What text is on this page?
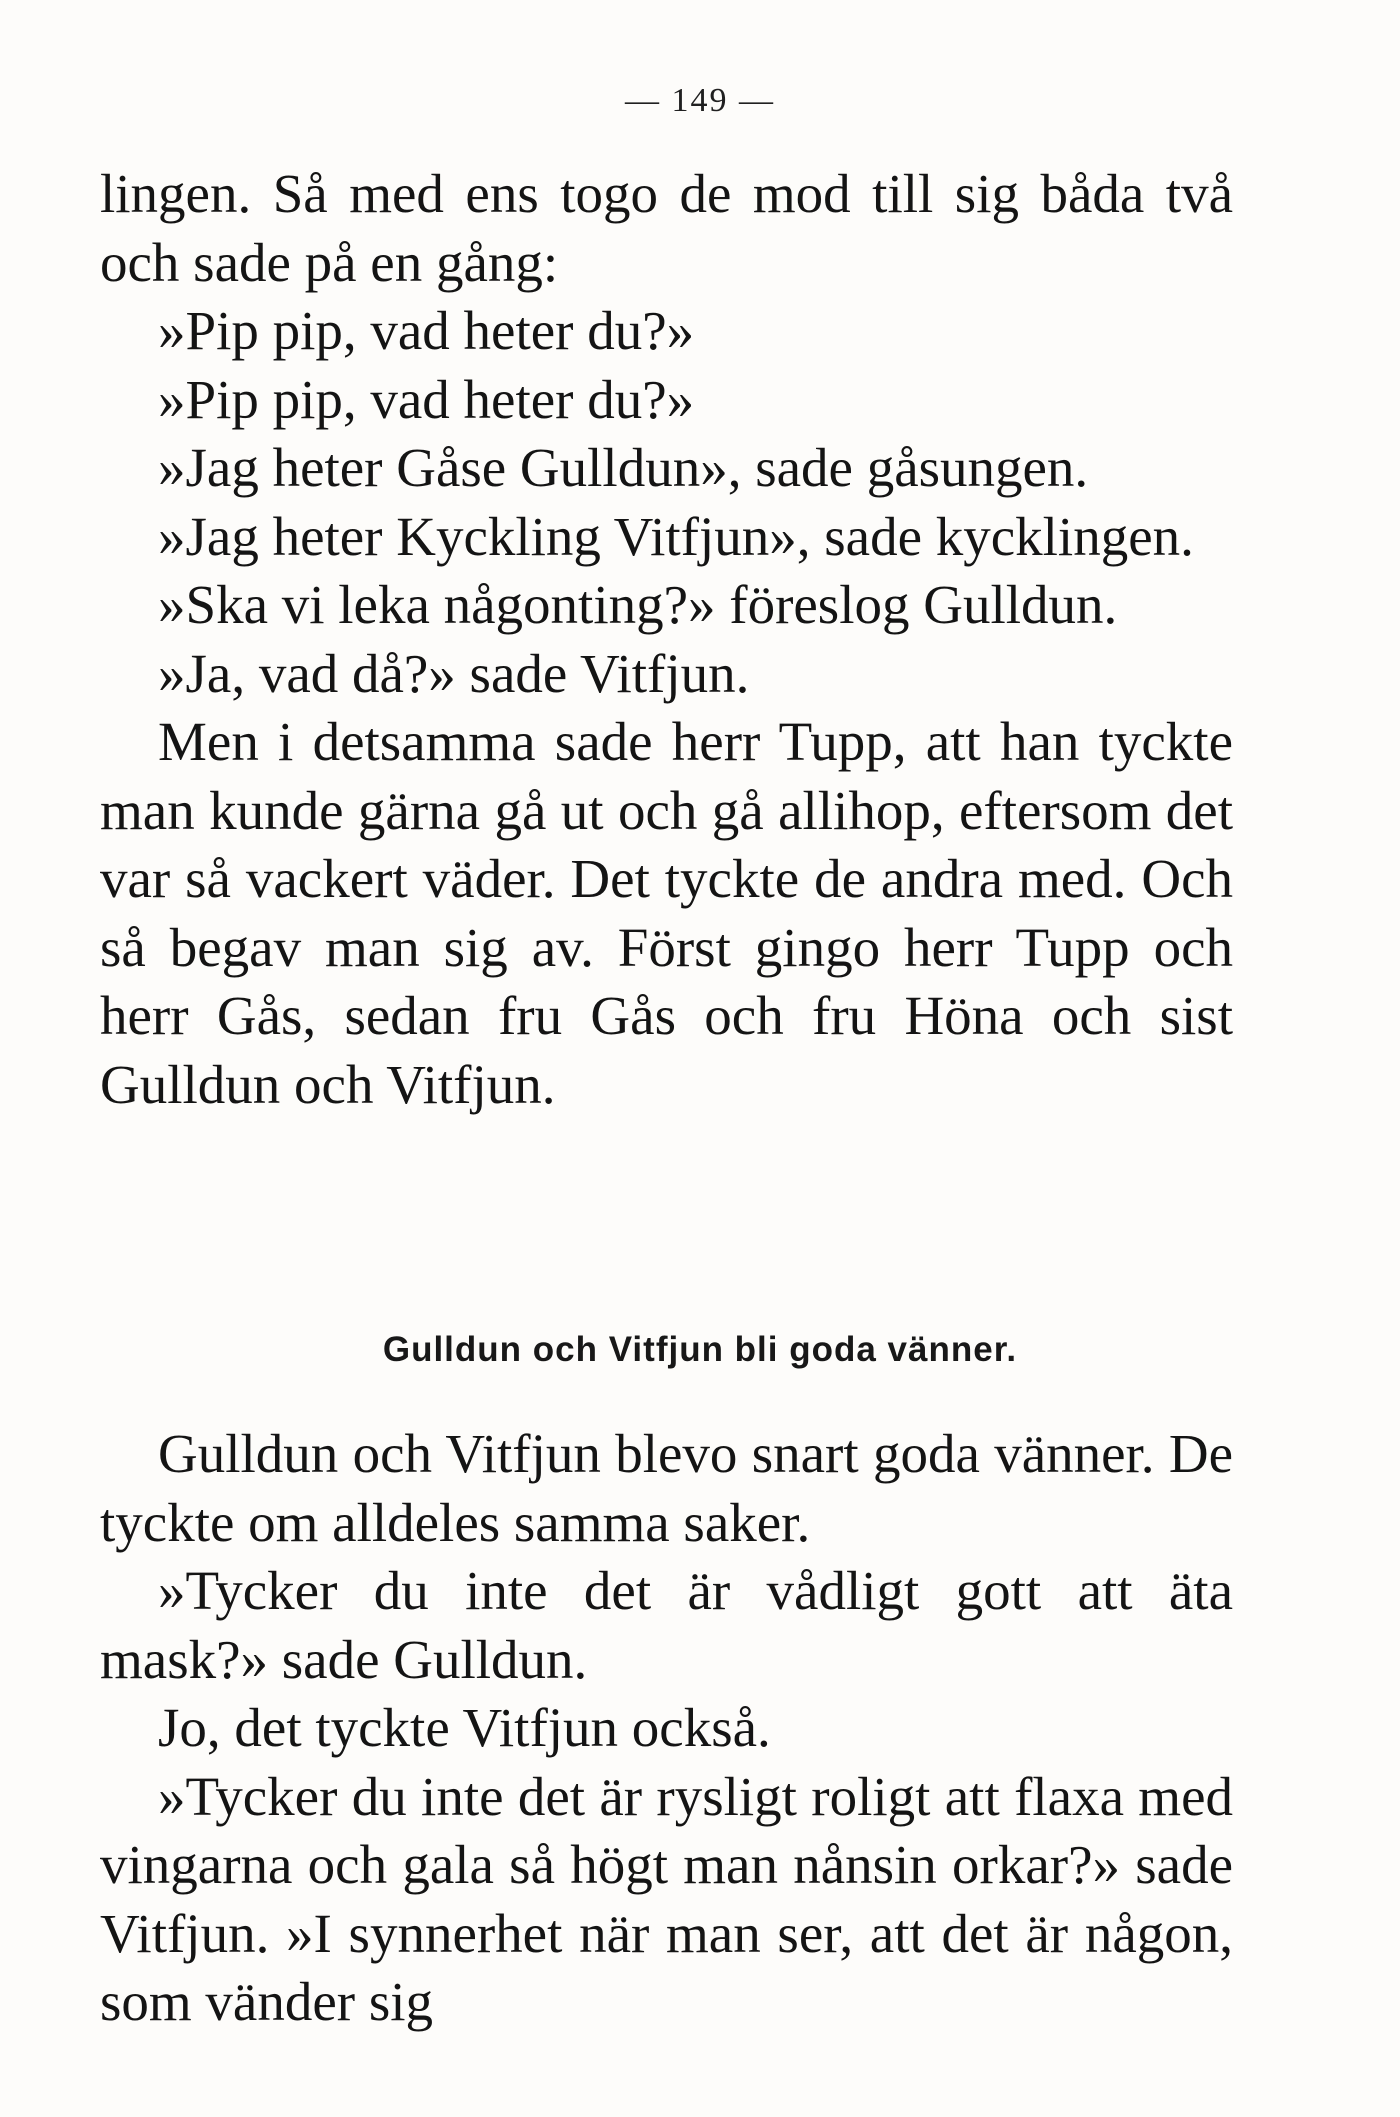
— 149 —

lingen. Så med ens togo de mod till sig båda två och sade på en gång:

»Pip pip, vad heter du?»

»Pip pip, vad heter du?»

»Jag heter Gåse Gulldun», sade gåsungen.

»Jag heter Kyckling Vitfjun», sade kycklingen.

»Ska vi leka någonting?» föreslog Gulldun.

»Ja, vad då?» sade Vitfjun.

Men i detsamma sade herr Tupp, att han tyckte man kunde gärna gå ut och gå allihop, eftersom det var så vackert väder. Det tyckte de andra med. Och så begav man sig av. Först gingo herr Tupp och herr Gås, sedan fru Gås och fru Höna och sist Gulldun och Vitfjun.

Gulldun och Vitfjun bli goda vänner.

Gulldun och Vitfjun blevo snart goda vänner. De tyckte om alldeles samma saker.

»Tycker du inte det är vådligt gott att äta mask?» sade Gulldun.

Jo, det tyckte Vitfjun också.

»Tycker du inte det är rysligt roligt att flaxa med vingarna och gala så högt man nånsin orkar?» sade Vitfjun. »I synnerhet när man ser, att det är någon, som vänder sig
